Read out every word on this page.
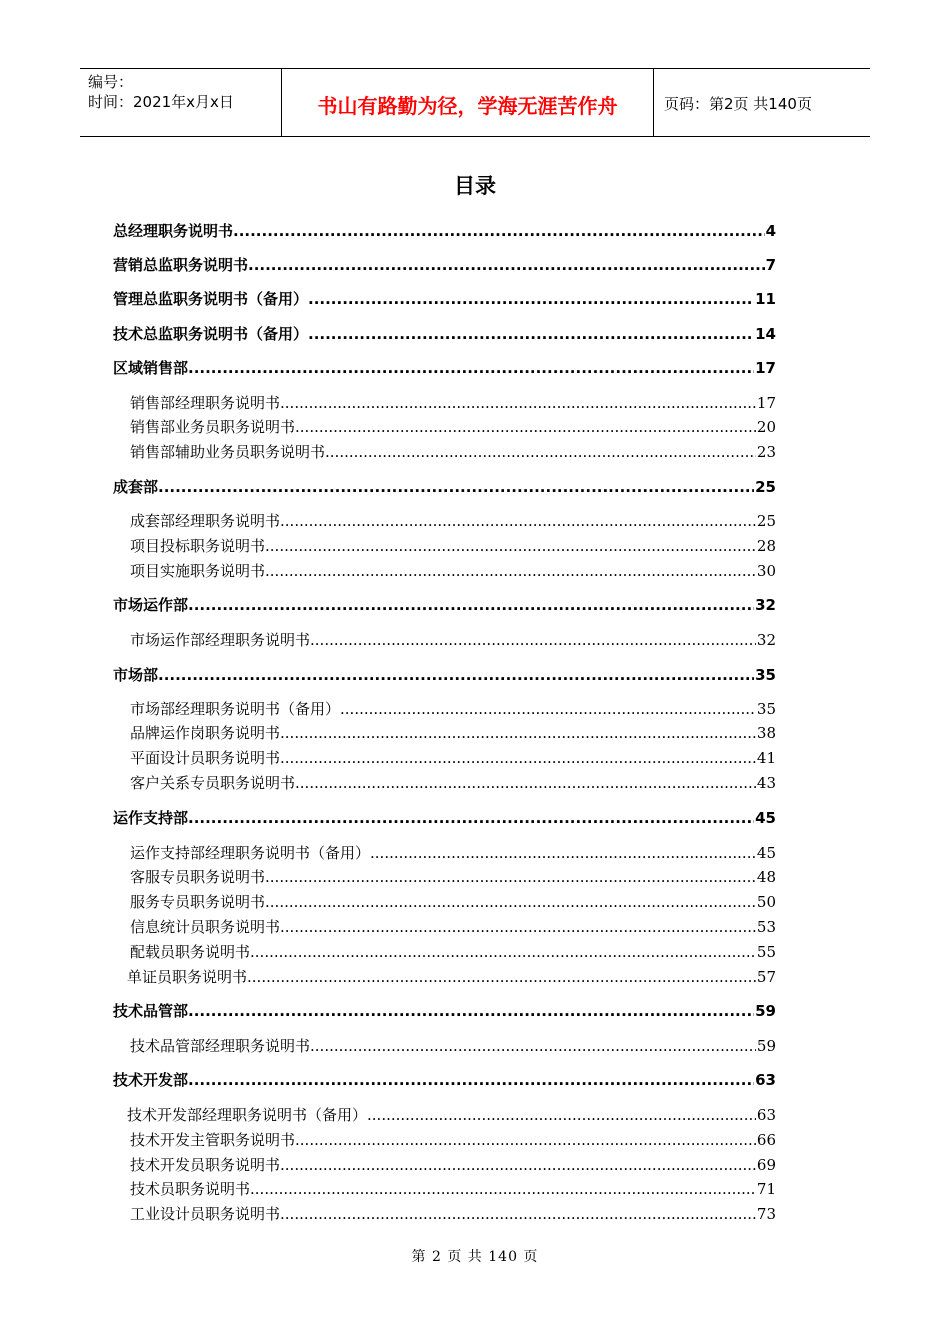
编号：
时间：2021年x月x日	书山有路勤为径，学海无涯苦作舟	页码：第2页 共140页
目录
总经理职务说明书 .....	4
营销总监职务说明书 .....	7
管理总监职务说明书（备用） .....	11
技术总监职务说明书（备用） .....	14
区域销售部 .....	17
销售部经理职务说明书 .....	17
销售部业务员职务说明书 .....	20
销售部辅助业务员职务说明书 .....	23
成套部 .....	25
成套部经理职务说明书 .....	25
项目投标职务说明书 .....	28
项目实施职务说明书 .....	30
市场运作部 .....	32
市场运作部经理职务说明书 .....	32
市场部 .....	35
市场部经理职务说明书（备用） .....	35
品牌运作岗职务说明书 .....	38
平面设计员职务说明书 .....	41
客户关系专员职务说明书 .....	43
运作支持部 .....	45
运作支持部经理职务说明书（备用） .....	45
客服专员职务说明书 .....	48
服务专员职务说明书 .....	50
信息统计员职务说明书 .....	53
配载员职务说明书 .....	55
单证员职务说明书 .....	57
技术品管部 .....	59
技术品管部经理职务说明书 .....	59
技术开发部 .....	63
技术开发部经理职务说明书（备用） .....	63
技术开发主管职务说明书 .....	66
技术开发员职务说明书 .....	69
技术员职务说明书 .....	71
工业设计员职务说明书 .....	73
第 2 页 共 140 页
